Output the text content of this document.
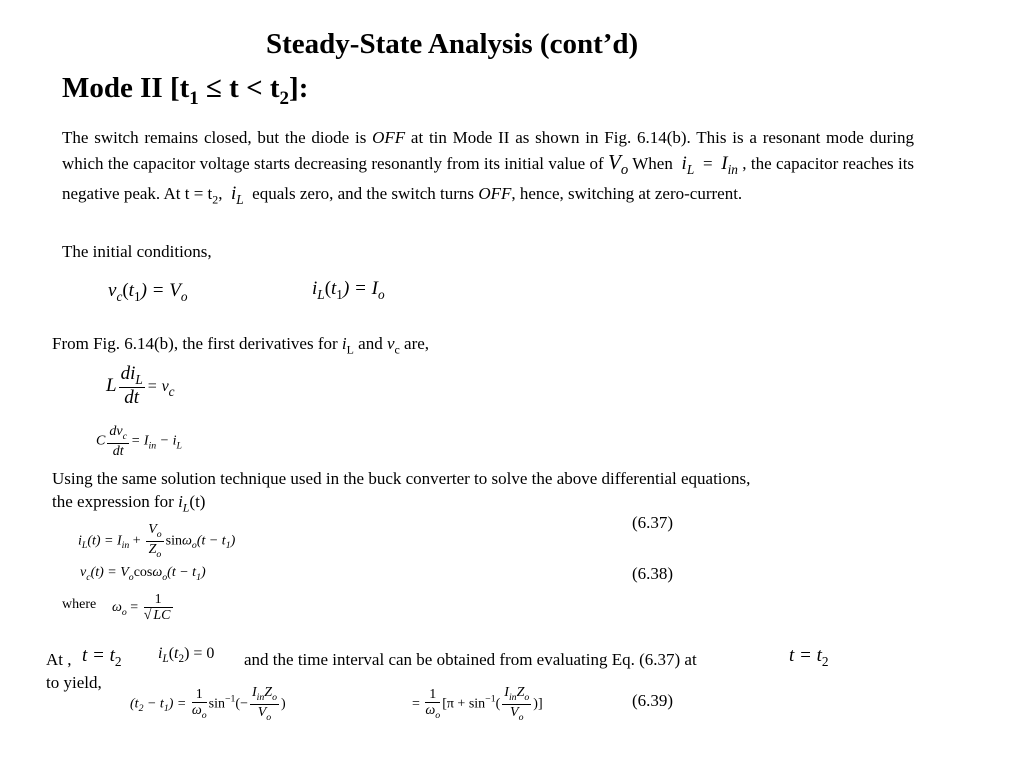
Steady-State Analysis (cont’d)
Mode II $[t_1 \le t < t_2]$:
The switch remains closed, but the diode is OFF at tin Mode II as shown in Fig. 6.14(b). This is a resonant mode during which the capacitor voltage starts decreasing resonantly from its initial value of $V_o$ When $i_L = I_{in}$ , the capacitor reaches its negative peak. At $t = t_2$, $i_L$ equals zero, and the switch turns OFF, hence, switching at zero-current.
The initial conditions,
$v_c(t_1) = V_o$	$i_L(t_1) = I_o$
From Fig. 6.14(b), the first derivatives for $i_L$ and $v_c$ are,
L $\frac{di_L}{dt} = v_c$
C $\frac{dv_c}{dt} = I_{in} - i_L$
Using the same solution technique used in the buck converter to solve the above differential equations,
the expression for $i_L(t)$
$i_L(t) = I_{in} + \frac{V_o}{Z_o} \sin\omega_o(t - t_1)$
(6.37)
$v_c(t) = V_o\cos\omega_o(t - t_1)$	(6.38)
where $\omega_o = \frac{1}{√ LC}$
At , $t = t_2$ $i_L(t_2) = 0$ and the time interval can be obtained from evaluating Eq. (6.37) at	$t = t_2$
to yield,
$(t_2 - t_1) = \frac{1}{\omega_o} \sin^{-1}(- \frac{I_{in}Z_o}{V_o}$ )	= $\frac{1}{\omega_o} [\pi + \sin^{-1}( \frac{I_{in}Z_o}{V_o}$ )]	(6.39)
